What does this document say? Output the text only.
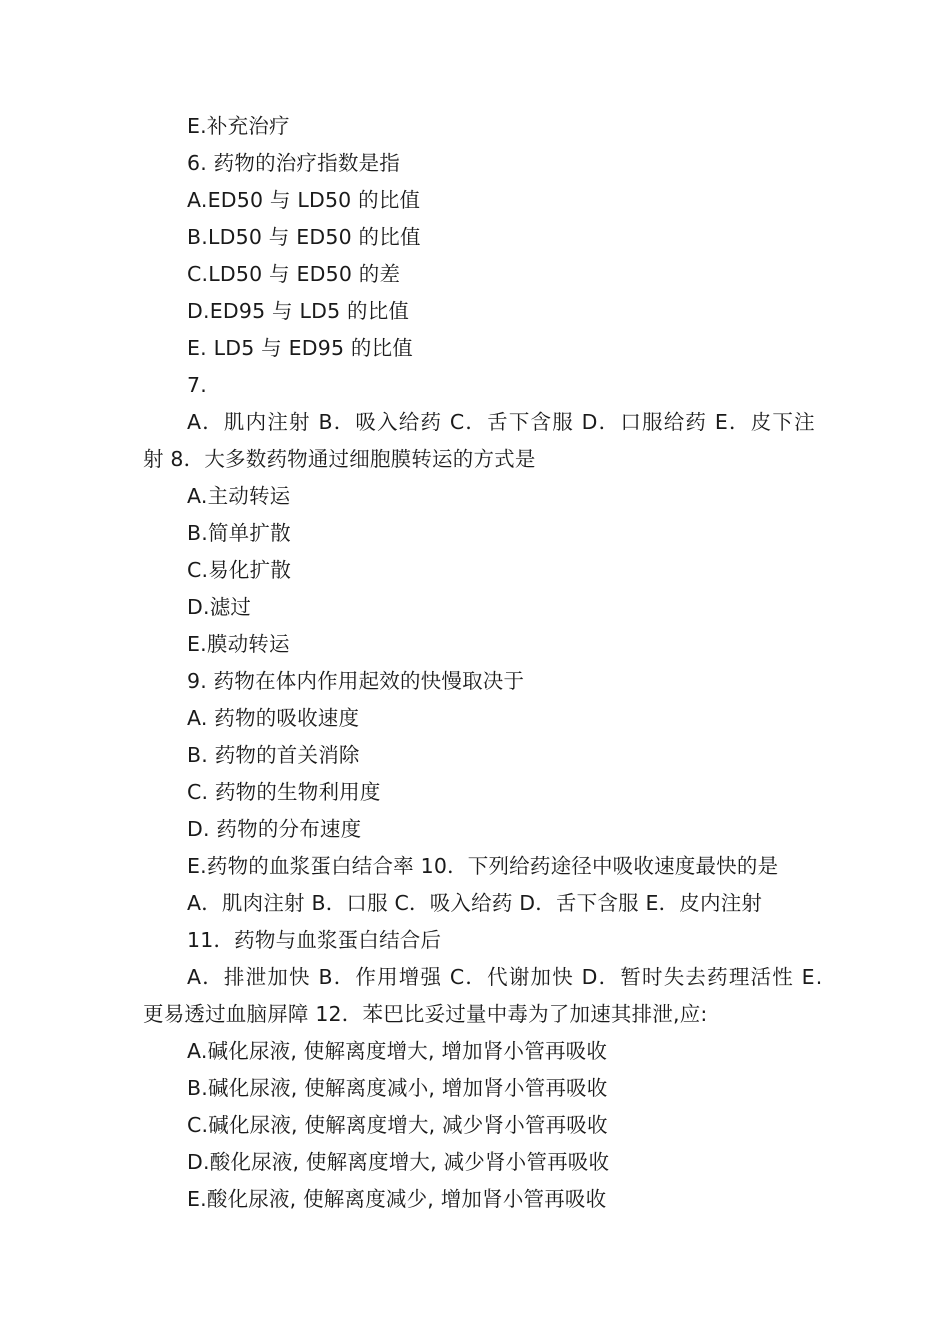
E.补充治疗
6. 药物的治疗指数是指
A.ED50 与 LD50 的比值
B.LD50 与 ED50 的比值
C.LD50 与 ED50 的差
D.ED95 与 LD5 的比值
E. LD5 与 ED95 的比值
7.
A．肌内注射 B．吸入给药 C．舌下含服 D．口服给药 E．皮下注
射 8．大多数药物通过细胞膜转运的方式是
A.主动转运
B.简单扩散
C.易化扩散
D.滤过
E.膜动转运
9. 药物在体内作用起效的快慢取决于
A. 药物的吸收速度
B. 药物的首关消除
C. 药物的生物利用度
D. 药物的分布速度
E.药物的血浆蛋白结合率 10．下列给药途径中吸收速度最快的是
A．肌肉注射 B．口服 C．吸入给药 D．舌下含服 E．皮内注射
11．药物与血浆蛋白结合后
A．排泄加快 B．作用增强 C．代谢加快 D．暂时失去药理活性 E.
更易透过血脑屏障 12．苯巴比妥过量中毒为了加速其排泄,应:
A.碱化尿液, 使解离度增大, 增加肾小管再吸收
B.碱化尿液, 使解离度减小, 增加肾小管再吸收
C.碱化尿液, 使解离度增大, 减少肾小管再吸收
D.酸化尿液, 使解离度增大, 减少肾小管再吸收
E.酸化尿液, 使解离度减少, 增加肾小管再吸收
